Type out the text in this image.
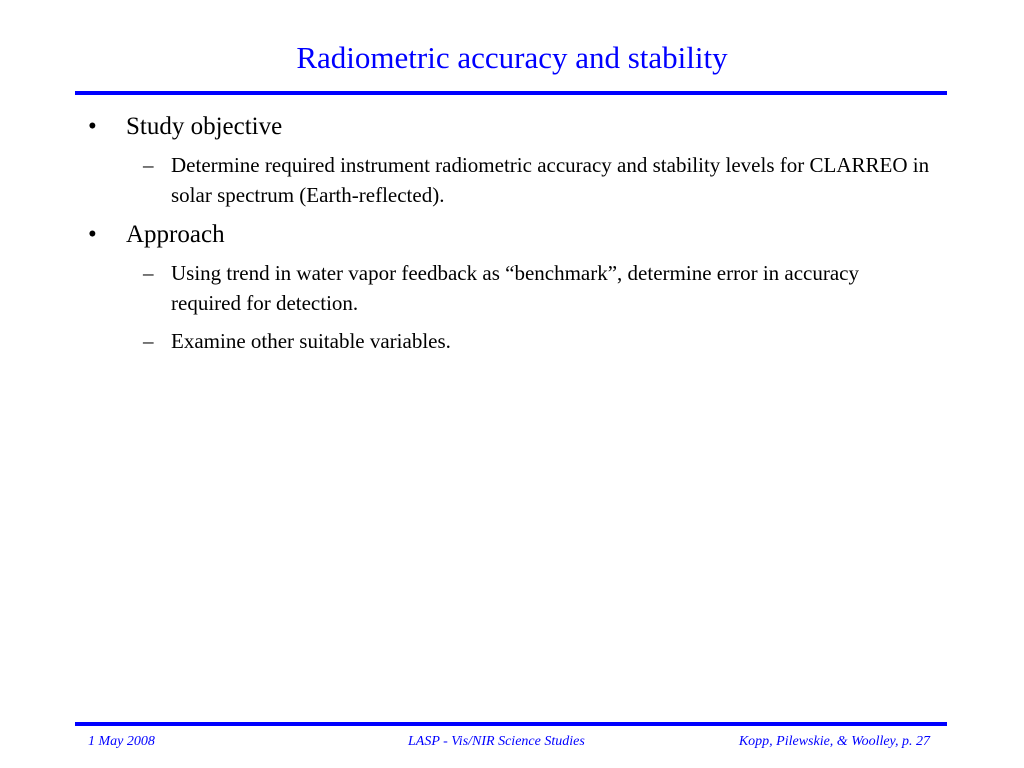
Radiometric accuracy and stability
• Study objective
– Determine required instrument radiometric accuracy and stability levels for CLARREO in solar spectrum (Earth-reflected).
• Approach
– Using trend in water vapor feedback as “benchmark”, determine error in accuracy required for detection.
– Examine other suitable variables.
1 May 2008	LASP - Vis/NIR Science Studies	Kopp, Pilewskie, & Woolley, p. 27
